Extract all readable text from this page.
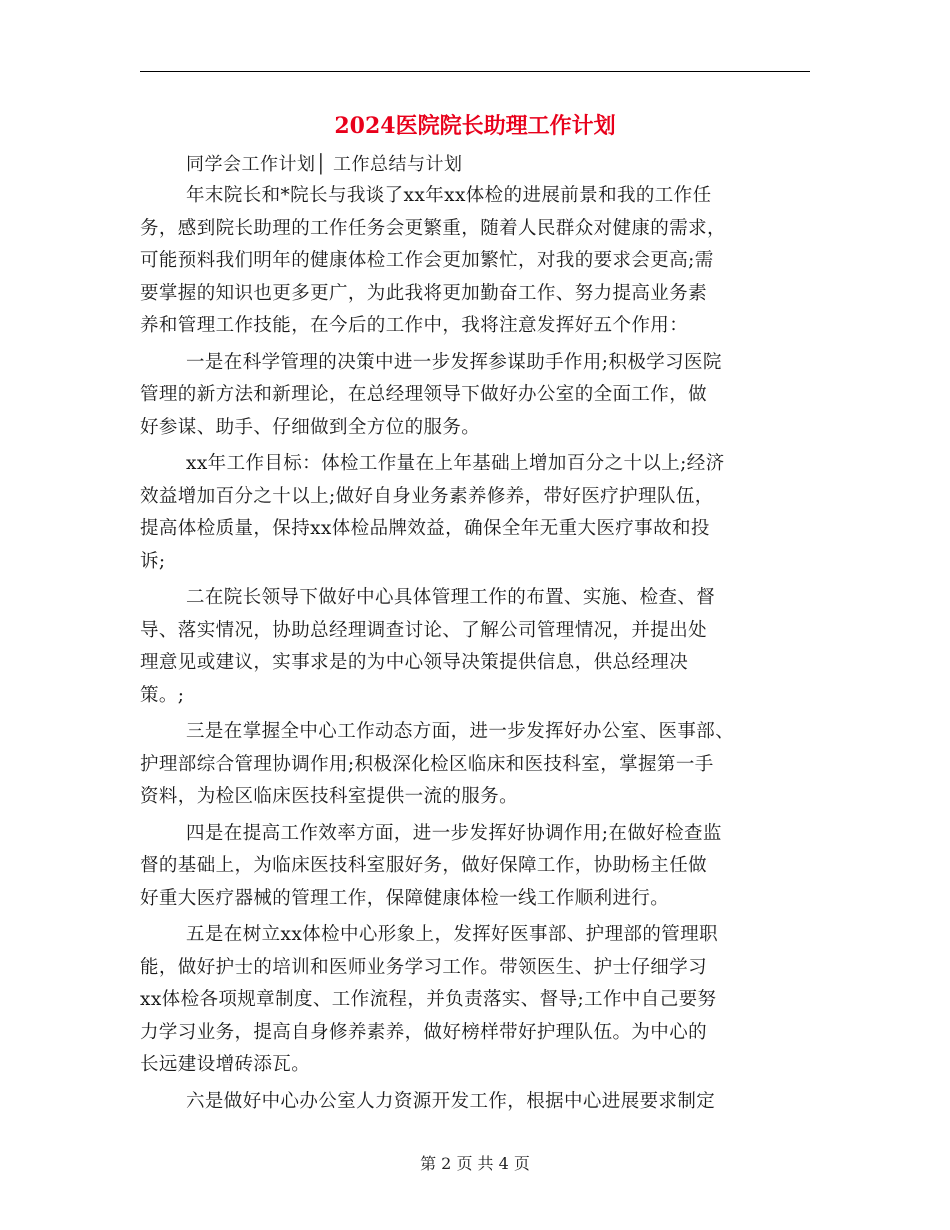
2024医院院长助理工作计划
同学会工作计划│ 工作总结与计划
年末院长和*院长与我谈了xx年xx体检的进展前景和我的工作任
务，感到院长助理的工作任务会更繁重，随着人民群众对健康的需求，
可能预料我们明年的健康体检工作会更加繁忙，对我的要求会更高;需
要掌握的知识也更多更广，为此我将更加勤奋工作、努力提高业务素
养和管理工作技能，在今后的工作中，我将注意发挥好五个作用：
一是在科学管理的决策中进一步发挥参谋助手作用;积极学习医院
管理的新方法和新理论，在总经理领导下做好办公室的全面工作，做
好参谋、助手、仔细做到全方位的服务。
xx年工作目标：体检工作量在上年基础上增加百分之十以上;经济
效益增加百分之十以上;做好自身业务素养修养，带好医疗护理队伍，
提高体检质量，保持xx体检品牌效益，确保全年无重大医疗事故和投
诉;
二在院长领导下做好中心具体管理工作的布置、实施、检查、督
导、落实情况，协助总经理调查讨论、了解公司管理情况，并提出处
理意见或建议，实事求是的为中心领导决策提供信息，供总经理决
策。;
三是在掌握全中心工作动态方面，进一步发挥好办公室、医事部、
护理部综合管理协调作用;积极深化检区临床和医技科室，掌握第一手
资料，为检区临床医技科室提供一流的服务。
四是在提高工作效率方面，进一步发挥好协调作用;在做好检查监
督的基础上，为临床医技科室服好务，做好保障工作，协助杨主任做
好重大医疗器械的管理工作，保障健康体检一线工作顺利进行。
五是在树立xx体检中心形象上，发挥好医事部、护理部的管理职
能，做好护士的培训和医师业务学习工作。带领医生、护士仔细学习
xx体检各项规章制度、工作流程，并负责落实、督导;工作中自己要努
力学习业务，提高自身修养素养，做好榜样带好护理队伍。为中心的
长远建设增砖添瓦。
六是做好中心办公室人力资源开发工作，根据中心进展要求制定
第 2 页 共 4 页
